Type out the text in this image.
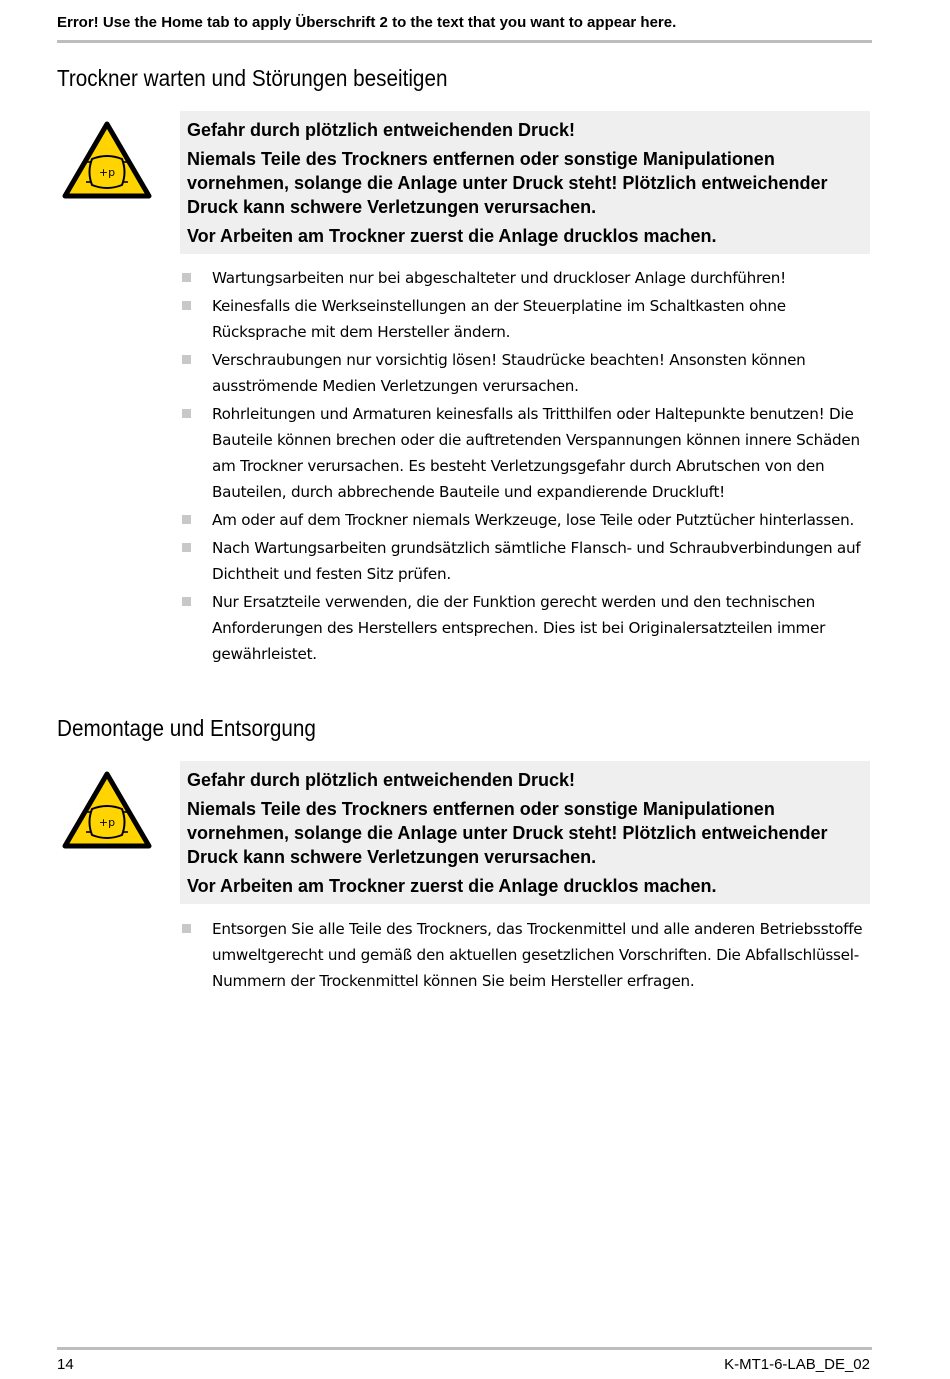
Error! Use the Home tab to apply Überschrift 2 to the text that you want to appear here.
Trockner warten und Störungen beseitigen
+p

Gefahr durch plötzlich entweichenden Druck!

Niemals Teile des Trockners entfernen oder sonstige Manipulationen vornehmen, solange die Anlage unter Druck steht! Plötzlich entweichender Druck kann schwere Verletzungen verursachen.

Vor Arbeiten am Trockner zuerst die Anlage drucklos machen.

Wartungsarbeiten nur bei abgeschalteter und druckloser Anlage durchführen!
Keinesfalls die Werkseinstellungen an der Steuerplatine im Schaltkasten ohne Rücksprache mit dem Hersteller ändern.
Verschraubungen nur vorsichtig lösen! Staudrücke beachten! Ansonsten können ausströmende Medien Verletzungen verursachen.
Rohrleitungen und Armaturen keinesfalls als Tritthilfen oder Haltepunkte benutzen! Die Bauteile können brechen oder die auftretenden Verspannungen können innere Schäden am Trockner verursachen. Es besteht Verletzungsgefahr durch Abrutschen von den Bauteilen, durch abbrechende Bauteile und expandierende Druckluft!
Am oder auf dem Trockner niemals Werkzeuge, lose Teile oder Putztücher hinterlassen.
Nach Wartungsarbeiten grundsätzlich sämtliche Flansch- und Schraubverbindungen auf Dichtheit und festen Sitz prüfen.
Nur Ersatzteile verwenden, die der Funktion gerecht werden und den technischen Anforderungen des Herstellers entsprechen. Dies ist bei Originalersatzteilen immer gewährleistet.
Demontage und Entsorgung
+p

Gefahr durch plötzlich entweichenden Druck!

Niemals Teile des Trockners entfernen oder sonstige Manipulationen vornehmen, solange die Anlage unter Druck steht! Plötzlich entweichender Druck kann schwere Verletzungen verursachen.

Vor Arbeiten am Trockner zuerst die Anlage drucklos machen.

Entsorgen Sie alle Teile des Trockners, das Trockenmittel und alle anderen Betriebsstoffe umweltgerecht und gemäß den aktuellen gesetzlichen Vorschriften. Die Abfallschlüssel-Nummern der Trockenmittel können Sie beim Hersteller erfragen.
14	K-MT1-6-LAB_DE_02
